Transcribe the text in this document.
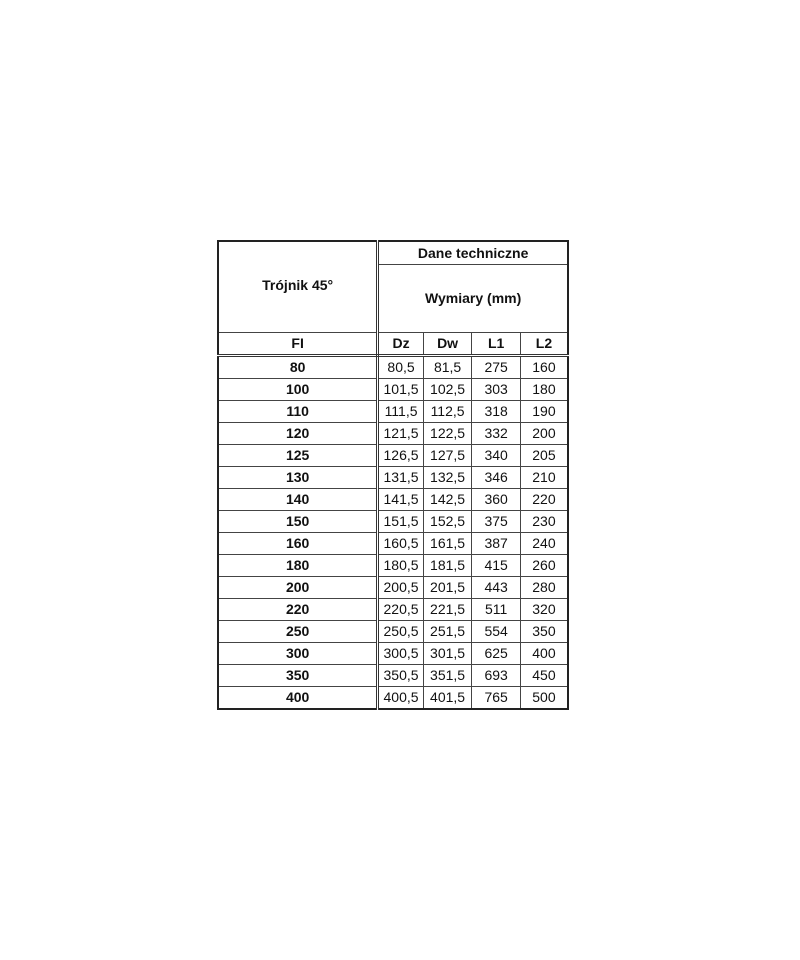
Trójnik 45°	Dane techniczne			
	Wymiary (mm)			
FI	Dz	Dw	L1	L2
80	80,5	81,5	275	160
100	101,5	102,5	303	180
110	111,5	112,5	318	190
120	121,5	122,5	332	200
125	126,5	127,5	340	205
130	131,5	132,5	346	210
140	141,5	142,5	360	220
150	151,5	152,5	375	230
160	160,5	161,5	387	240
180	180,5	181,5	415	260
200	200,5	201,5	443	280
220	220,5	221,5	511	320
250	250,5	251,5	554	350
300	300,5	301,5	625	400
350	350,5	351,5	693	450
400	400,5	401,5	765	500
